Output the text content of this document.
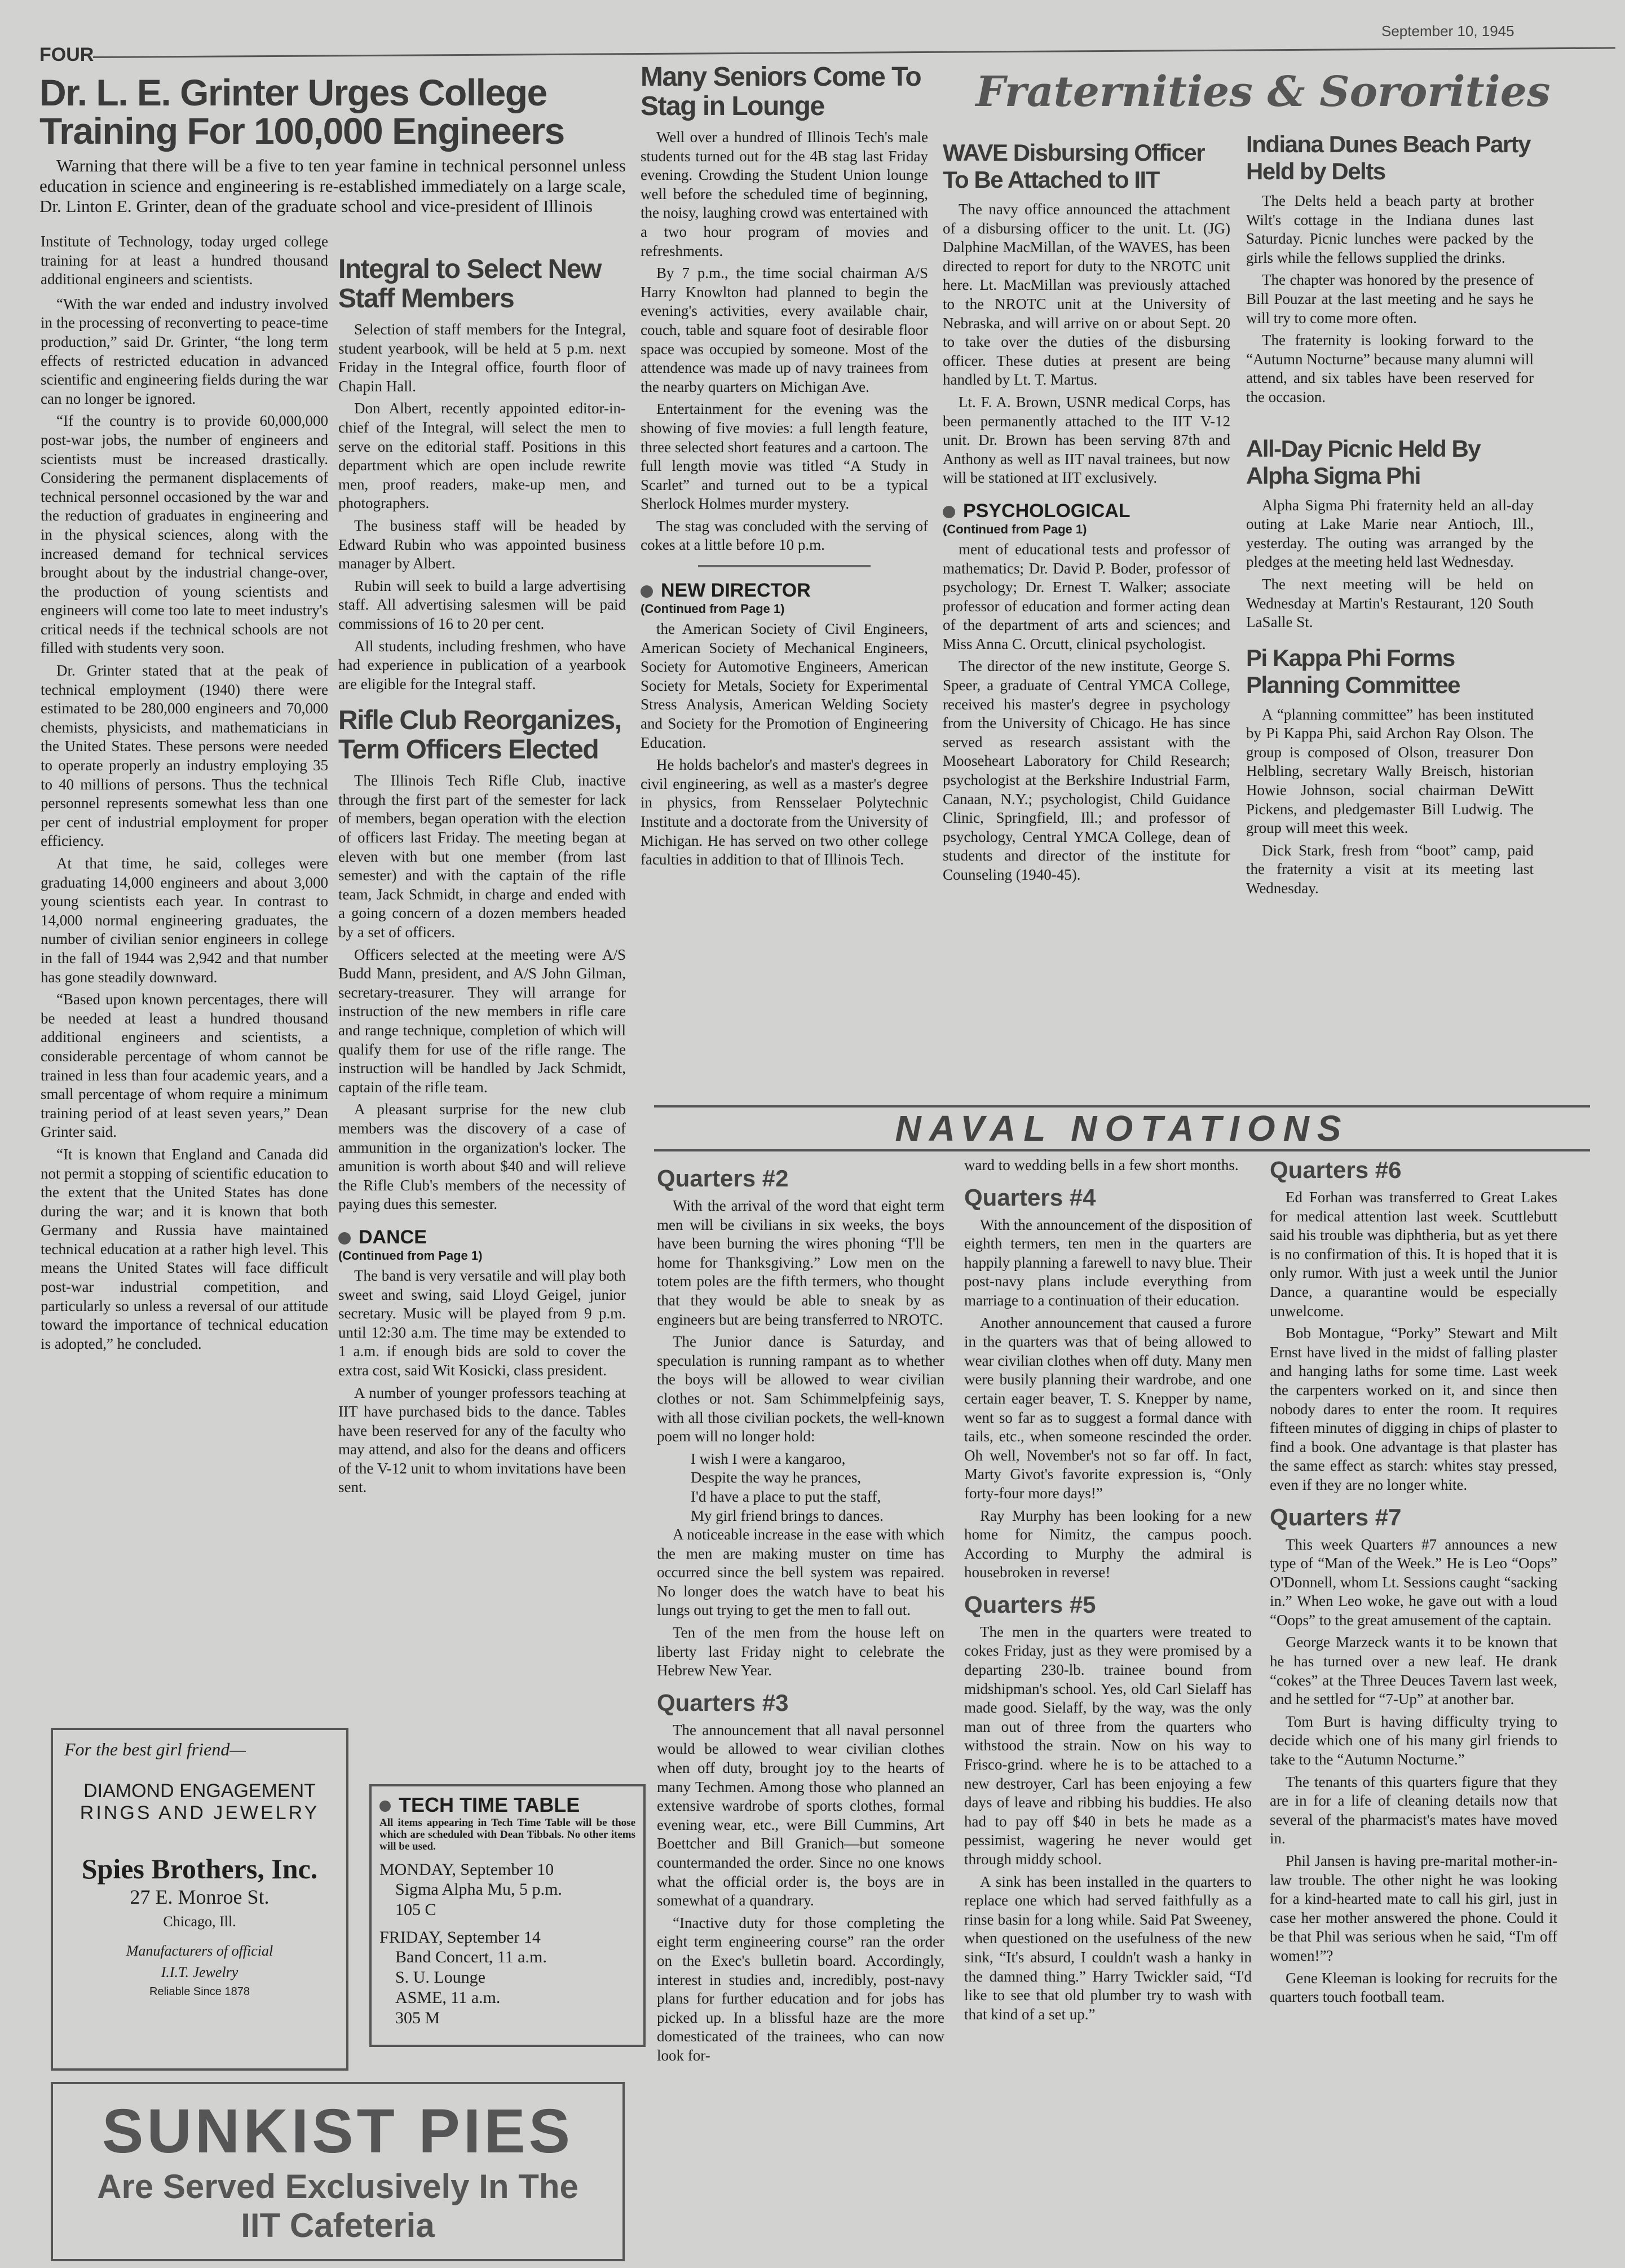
FOUR
September 10, 1945
Dr. L. E. Grinter Urges College Training For 100,000 Engineers
Warning that there will be a five to ten year famine in technical personnel unless education in science and engineering is re-established immediately on a large scale, Dr. Linton E. Grinter, dean of the graduate school and vice-president of Illinois

Institute of Technology, today urged college training for at least a hundred thousand additional engineers and scientists.

“With the war ended and industry involved in the processing of reconverting to peace-time production,” said Dr. Grinter, “the long term effects of restricted education in advanced scientific and engineering fields during the war can no longer be ignored.

“If the country is to provide 60,000,000 post-war jobs, the number of engineers and scientists must be increased drastically. Considering the permanent displacements of technical personnel occasioned by the war and the reduction of graduates in engineering and in the physical sciences, along with the increased demand for technical services brought about by the industrial change-over, the production of young scientists and engineers will come too late to meet industry's critical needs if the technical schools are not filled with students very soon.

Dr. Grinter stated that at the peak of technical employment (1940) there were estimated to be 280,000 engineers and 70,000 chemists, physicists, and mathematicians in the United States. These persons were needed to operate properly an industry employing 35 to 40 millions of persons. Thus the technical personnel represents somewhat less than one per cent of industrial employment for proper efficiency.

At that time, he said, colleges were graduating 14,000 engineers and about 3,000 young scientists each year. In contrast to 14,000 normal engineering graduates, the number of civilian senior engineers in college in the fall of 1944 was 2,942 and that number has gone steadily downward.

“Based upon known percentages, there will be needed at least a hundred thousand additional engineers and scientists, a considerable percentage of whom cannot be trained in less than four academic years, and a small percentage of whom require a minimum training period of at least seven years,” Dean Grinter said.

“It is known that England and Canada did not permit a stopping of scientific education to the extent that the United States has done during the war; and it is known that both Germany and Russia have maintained technical education at a rather high level. This means the United States will face difficult post-war industrial competition, and particularly so unless a reversal of our attitude toward the importance of technical education is adopted,” he concluded.

Integral to Select New Staff Members

Selection of staff members for the Integral, student yearbook, will be held at 5 p.m. next Friday in the Integral office, fourth floor of Chapin Hall.

Don Albert, recently appointed editor-in-chief of the Integral, will select the men to serve on the editorial staff. Positions in this department which are open include rewrite men, proof readers, make-up men, and photographers.

The business staff will be headed by Edward Rubin who was appointed business manager by Albert.

Rubin will seek to build a large advertising staff. All advertising salesmen will be paid commissions of 16 to 20 per cent.

All students, including freshmen, who have had experience in publication of a yearbook are eligible for the Integral staff.

Rifle Club Reorganizes, Term Officers Elected

The Illinois Tech Rifle Club, inactive through the first part of the semester for lack of members, began operation with the election of officers last Friday. The meeting began at eleven with but one member (from last semester) and with the captain of the rifle team, Jack Schmidt, in charge and ended with a going concern of a dozen members headed by a set of officers.

Officers selected at the meeting were A/S Budd Mann, president, and A/S John Gilman, secretary-treasurer. They will arrange for instruction of the new members in rifle care and range technique, completion of which will qualify them for use of the rifle range. The instruction will be handled by Jack Schmidt, captain of the rifle team.

A pleasant surprise for the new club members was the discovery of a case of ammunition in the organization's locker. The amunition is worth about $40 and will relieve the Rifle Club's members of the necessity of paying dues this semester.

DANCE
(Continued from Page 1)

The band is very versatile and will play both sweet and swing, said Lloyd Geigel, junior secretary. Music will be played from 9 p.m. until 12:30 a.m. The time may be extended to 1 a.m. if enough bids are sold to cover the extra cost, said Wit Kosicki, class president.

A number of younger professors teaching at IIT have purchased bids to the dance. Tables have been reserved for any of the faculty who may attend, and also for the deans and officers of the V-12 unit to whom invitations have been sent.

Many Seniors Come To Stag in Lounge

Well over a hundred of Illinois Tech's male students turned out for the 4B stag last Friday evening. Crowding the Student Union lounge well before the scheduled time of beginning, the noisy, laughing crowd was entertained with a two hour program of movies and refreshments.

By 7 p.m., the time social chairman A/S Harry Knowlton had planned to begin the evening's activities, every available chair, couch, table and square foot of desirable floor space was occupied by someone. Most of the attendence was made up of navy trainees from the nearby quarters on Michigan Ave.

Entertainment for the evening was the showing of five movies: a full length feature, three selected short features and a cartoon. The full length movie was titled “A Study in Scarlet” and turned out to be a typical Sherlock Holmes murder mystery.

The stag was concluded with the serving of cokes at a little before 10 p.m.

NEW DIRECTOR
(Continued from Page 1)

the American Society of Civil Engineers, American Society of Mechanical Engineers, Society for Automotive Engineers, American Society for Metals, Society for Experimental Stress Analysis, American Welding Society and Society for the Promotion of Engineering Education.

He holds bachelor's and master's degrees in civil engineering, as well as a master's degree in physics, from Rensselaer Polytechnic Institute and a doctorate from the University of Michigan. He has served on two other college faculties in addition to that of Illinois Tech.

Fraternities & Sororities
WAVE Disbursing Officer To Be Attached to IIT

The navy office announced the attachment of a disbursing officer to the unit. Lt. (JG) Dalphine MacMillan, of the WAVES, has been directed to report for duty to the NROTC unit here. Lt. MacMillan was previously attached to the NROTC unit at the University of Nebraska, and will arrive on or about Sept. 20 to take over the duties of the disbursing officer. These duties at present are being handled by Lt. T. Martus.

Lt. F. A. Brown, USNR medical Corps, has been permanently attached to the IIT V-12 unit. Dr. Brown has been serving 87th and Anthony as well as IIT naval trainees, but now will be stationed at IIT exclusively.

PSYCHOLOGICAL
(Continued from Page 1)

ment of educational tests and professor of mathematics; Dr. David P. Boder, professor of psychology; Dr. Ernest T. Walker; associate professor of education and former acting dean of the department of arts and sciences; and Miss Anna C. Orcutt, clinical psychologist.

The director of the new institute, George S. Speer, a graduate of Central YMCA College, received his master's degree in psychology from the University of Chicago. He has since served as research assistant with the Mooseheart Laboratory for Child Research; psychologist at the Berkshire Industrial Farm, Canaan, N.Y.; psychologist, Child Guidance Clinic, Springfield, Ill.; and professor of psychology, Central YMCA College, dean of students and director of the institute for Counseling (1940-45).

Indiana Dunes Beach Party Held by Delts

The Delts held a beach party at brother Wilt's cottage in the Indiana dunes last Saturday. Picnic lunches were packed by the girls while the fellows supplied the drinks.

The chapter was honored by the presence of Bill Pouzar at the last meeting and he says he will try to come more often.

The fraternity is looking forward to the “Autumn Nocturne” because many alumni will attend, and six tables have been reserved for the occasion.

All-Day Picnic Held By Alpha Sigma Phi

Alpha Sigma Phi fraternity held an all-day outing at Lake Marie near Antioch, Ill., yesterday. The outing was arranged by the pledges at the meeting held last Wednesday.

The next meeting will be held on Wednesday at Martin's Restaurant, 120 South LaSalle St.

Pi Kappa Phi Forms Planning Committee

A “planning committee” has been instituted by Pi Kappa Phi, said Archon Ray Olson. The group is composed of Olson, treasurer Don Helbling, secretary Wally Breisch, historian Howie Johnson, social chairman DeWitt Pickens, and pledgemaster Bill Ludwig. The group will meet this week.

Dick Stark, fresh from “boot” camp, paid the fraternity a visit at its meeting last Wednesday.

NAVAL NOTATIONS
Quarters #2

With the arrival of the word that eight term men will be civilians in six weeks, the boys have been burning the wires phoning “I'll be home for Thanksgiving.” Low men on the totem poles are the fifth termers, who thought that they would be able to sneak by as engineers but are being transferred to NROTC.

The Junior dance is Saturday, and speculation is running rampant as to whether the boys will be allowed to wear civilian clothes or not. Sam Schimmelpfeinig says, with all those civilian pockets, the well-known poem will no longer hold:

I wish I were a kangaroo,

Despite the way he prances,

I'd have a place to put the staff,

My girl friend brings to dances.

A noticeable increase in the ease with which the men are making muster on time has occurred since the bell system was repaired. No longer does the watch have to beat his lungs out trying to get the men to fall out.

Ten of the men from the house left on liberty last Friday night to celebrate the Hebrew New Year.

Quarters #3

The announcement that all naval personnel would be allowed to wear civilian clothes when off duty, brought joy to the hearts of many Techmen. Among those who planned an extensive wardrobe of sports clothes, formal evening wear, etc., were Bill Cummins, Art Boettcher and Bill Granich—but someone countermanded the order. Since no one knows what the official order is, the boys are in somewhat of a quandrary.

“Inactive duty for those completing the eight term engineering course” ran the order on the Exec's bulletin board. Accordingly, interest in studies and, incredibly, post-navy plans for further education and for jobs has picked up. In a blissful haze are the more domesticated of the trainees, who can now look for-

ward to wedding bells in a few short months.

Quarters #4

With the announcement of the disposition of eighth termers, ten men in the quarters are happily planning a farewell to navy blue. Their post-navy plans include everything from marriage to a continuation of their education.

Another announcement that caused a furore in the quarters was that of being allowed to wear civilian clothes when off duty. Many men were busily planning their wardrobe, and one certain eager beaver, T. S. Knepper by name, went so far as to suggest a formal dance with tails, etc., when someone rescinded the order. Oh well, November's not so far off. In fact, Marty Givot's favorite expression is, “Only forty-four more days!”

Ray Murphy has been looking for a new home for Nimitz, the campus pooch. According to Murphy the admiral is housebroken in reverse!

Quarters #5

The men in the quarters were treated to cokes Friday, just as they were promised by a departing 230-lb. trainee bound from midshipman's school. Yes, old Carl Sielaff has made good. Sielaff, by the way, was the only man out of three from the quarters who withstood the strain. Now on his way to Frisco-grind. where he is to be attached to a new destroyer, Carl has been enjoying a few days of leave and ribbing his buddies. He also had to pay off $40 in bets he made as a pessimist, wagering he never would get through middy school.

A sink has been installed in the quarters to replace one which had served faithfully as a rinse basin for a long while. Said Pat Sweeney, when questioned on the usefulness of the new sink, “It's absurd, I couldn't wash a hanky in the damned thing.” Harry Twickler said, “I'd like to see that old plumber try to wash with that kind of a set up.”

Quarters #6

Ed Forhan was transferred to Great Lakes for medical attention last week. Scuttlebutt said his trouble was diphtheria, but as yet there is no confirmation of this. It is hoped that it is only rumor. With just a week until the Junior Dance, a quarantine would be especially unwelcome.

Bob Montague, “Porky” Stewart and Milt Ernst have lived in the midst of falling plaster and hanging laths for some time. Last week the carpenters worked on it, and since then nobody dares to enter the room. It requires fifteen minutes of digging in chips of plaster to find a book. One advantage is that plaster has the same effect as starch: whites stay pressed, even if they are no longer white.

Quarters #7

This week Quarters #7 announces a new type of “Man of the Week.” He is Leo “Oops” O'Donnell, whom Lt. Sessions caught “sacking in.” When Leo woke, he gave out with a loud “Oops” to the great amusement of the captain.

George Marzeck wants it to be known that he has turned over a new leaf. He drank “cokes” at the Three Deuces Tavern last week, and he settled for “7-Up” at another bar.

Tom Burt is having difficulty trying to decide which one of his many girl friends to take to the “Autumn Nocturne.”

The tenants of this quarters figure that they are in for a life of cleaning details now that several of the pharmacist's mates have moved in.

Phil Jansen is having pre-marital mother-in-law trouble. The other night he was looking for a kind-hearted mate to call his girl, just in case her mother answered the phone. Could it be that Phil was serious when he said, “I'm off women!”?

Gene Kleeman is looking for recruits for the quarters touch football team.

For the best girl friend—
DIAMOND ENGAGEMENT
RINGS AND JEWELRY
Spies Brothers, Inc.
27 E. Monroe St.
Chicago, Ill.
Manufacturers of official
I.I.T. Jewelry
Reliable Since 1878
TECH TIME TABLE
All items appearing in Tech Time Table will be those which are scheduled with Dean Tibbals. No other items will be used.
MONDAY, September 10
Sigma Alpha Mu, 5 p.m.
105 C
FRIDAY, September 14
Band Concert, 11 a.m.
S. U. Lounge
ASME, 11 a.m.
305 M
SUNKIST PIES
Are Served Exclusively In The
IIT Cafeteria
